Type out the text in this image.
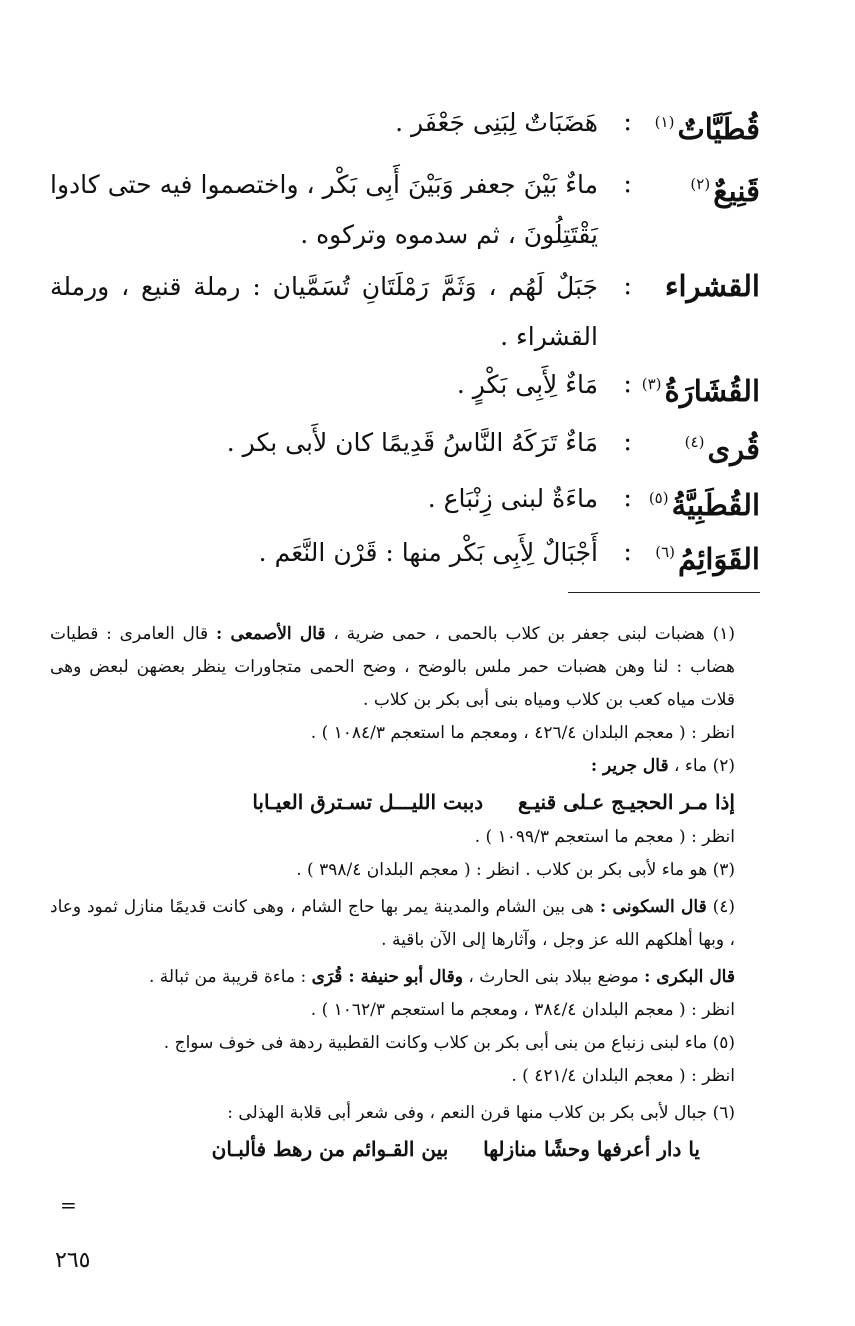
قُطَيَّاتٌ$^{(١)}$
:
هَضَبَاتٌ لِبَنِى جَعْفَر .
قَنِيعٌ$^{(٢)}$
:
ماءٌ بَيْنَ جعفر وَبَيْنَ أَبِى بَكْر ، واختصموا فيه حتى كادوا يَقْتَتِلُونَ ، ثم سدموه وتركوه .
القشراء
:
جَبَلٌ لَهُم ، وَثَمَّ رَمْلَتَانِ تُسَمَّيان : رملة قنيع ، ورملة القشراء .
القُشَارَةُ$^{(٣)}$
:
مَاءٌ لِأَبِى بَكْرٍ .
قُرى$^{(٤)}$
:
مَاءٌ تَرَكَهُ النَّاسُ قَدِيمًا كان لأَبى بكر .
القُطَبِيَّةُ$^{(٥)}$
:
ماءَةٌ لبنى زِنْبَاع .
القَوَائِمُ$^{(٦)}$
:
أَجْبَالٌ لِأَبِى بَكْر منها : قَرْن النَّعَم .

(١) هضبات لبنى جعفر بن كلاب بالحمى ، حمى ضرية ، قال الأصمعى : قال العامرى : قطيات هضاب : لنا وهن هضبات حمر ملس بالوضح ، وضح الحمى متجاورات ينظر بعضهن لبعض وهى قلات مياه كعب بن كلاب ومياه بنى أبى بكر بن كلاب .

انظر : ( معجم البلدان ٤٢٦/٤ ، ومعجم ما استعجم ١٠٨٤/٣ ) .

(٢) ماء ، قال جرير :

إذا مـر الحجيـج عـلى قنيـع     دببت الليـــل تسـترق العيـابا

انظر : ( معجم ما استعجم ١٠٩٩/٣ ) .

(٣) هو ماء لأبى بكر بن كلاب . انظر : ( معجم البلدان ٣٩٨/٤ ) .

(٤) قال السكونى : هى بين الشام والمدينة يمر بها حاج الشام ، وهى كانت قديمًا منازل ثمود وعاد ، وبها أهلكهم الله عز وجل ، وآثارها إلى الآن باقية .

قال البكرى : موضع ببلاد بنى الحارث ، وقال أبو حنيفة : قُرَى : ماءة قريبة من ثبالة .

انظر : ( معجم البلدان ٣٨٤/٤ ، ومعجم ما استعجم ١٠٦٢/٣ ) .

(٥) ماء لبنى زنباع من بنى أبى بكر بن كلاب وكانت القطبية ردهة فى خوف سواج .

انظر : ( معجم البلدان ٤٢١/٤ ) .

(٦) جبال لأبى بكر بن كلاب منها قرن النعم ، وفى شعر أبى قلابة الهذلى :

يا دار أعرفها وحشًا منازلها     بين القـوائم من رهط فألبـان
=
٢٦٥
